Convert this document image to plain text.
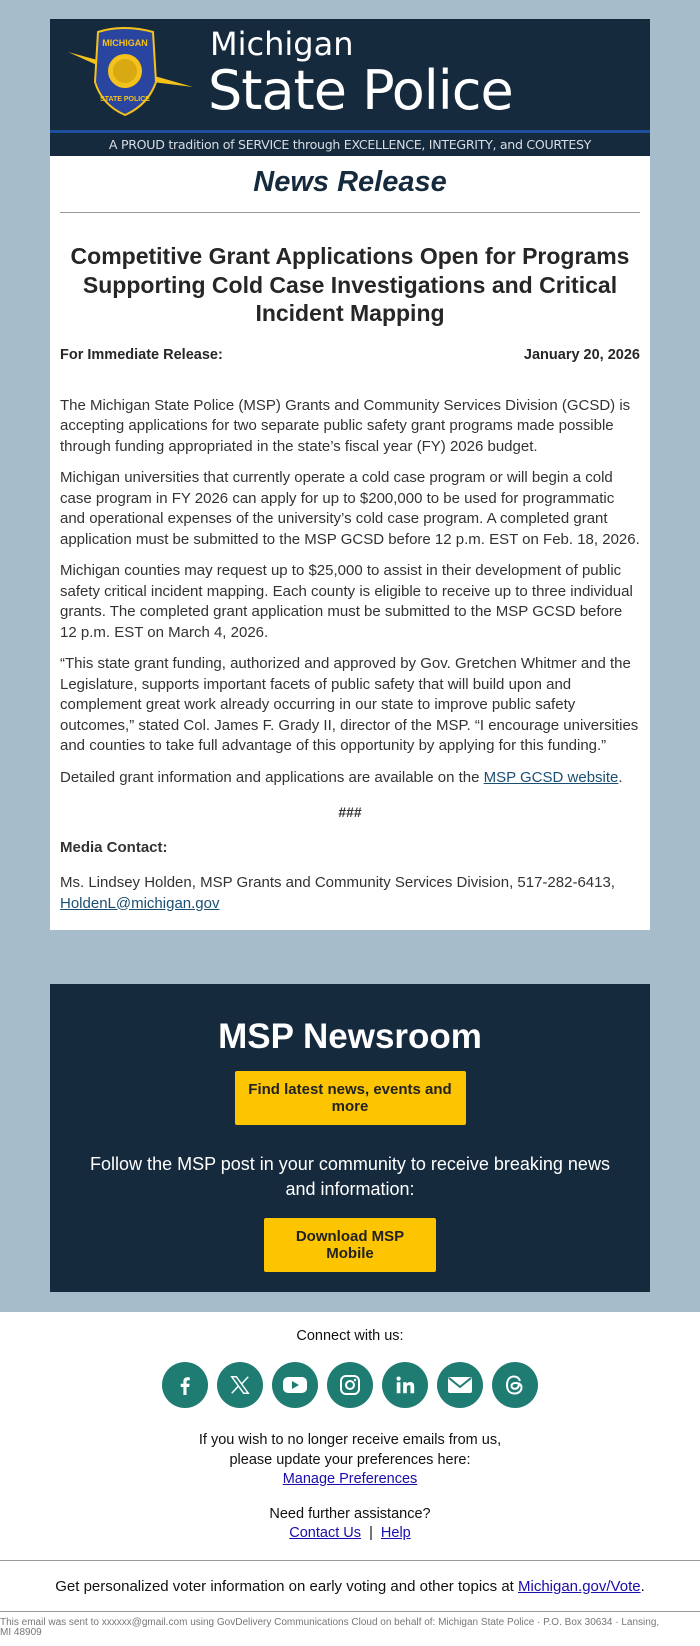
MICHIGAN
STATE POLICE
Michigan
State Police
A PROUD tradition of SERVICE through EXCELLENCE, INTEGRITY, and COURTESY
News Release
Competitive Grant Applications Open for Programs Supporting Cold Case Investigations and Critical Incident Mapping
For Immediate Release:	January 20, 2026

The Michigan State Police (MSP) Grants and Community Services Division (GCSD) is accepting applications for two separate public safety grant programs made possible through funding appropriated in the state’s fiscal year (FY) 2026 budget.

Michigan universities that currently operate a cold case program or will begin a cold case program in FY 2026 can apply for up to $200,000 to be used for programmatic and operational expenses of the university’s cold case program. A completed grant application must be submitted to the MSP GCSD before 12 p.m. EST on Feb. 18, 2026.

Michigan counties may request up to $25,000 to assist in their development of public safety critical incident mapping. Each county is eligible to receive up to three individual grants. The completed grant application must be submitted to the MSP GCSD before 12 p.m. EST on March 4, 2026.

“This state grant funding, authorized and approved by Gov. Gretchen Whitmer and the Legislature, supports important facets of public safety that will build upon and complement great work already occurring in our state to improve public safety outcomes,” stated Col. James F. Grady II, director of the MSP. “I encourage universities and counties to take full advantage of this opportunity by applying for this funding.”

Detailed grant information and applications are available on the MSP GCSD website.

###

Media Contact:

Ms. Lindsey Holden, MSP Grants and Community Services Division, 517-282-6413,
HoldenL@michigan.gov

MSP Newsroom
Find latest news, events and more
Follow the MSP post in your community to receive breaking news and information:
Download MSP Mobile
Connect with us:
If you wish to no longer receive emails from us,
please update your preferences here:
Manage Preferences
Need further assistance?
Contact Us | Help
Get personalized voter information on early voting and other topics at Michigan.gov/Vote.
This email was sent to xxxxxx@gmail.com using GovDelivery Communications Cloud on behalf of: Michigan State Police · P.O. Box 30634 · Lansing, MI 48909
